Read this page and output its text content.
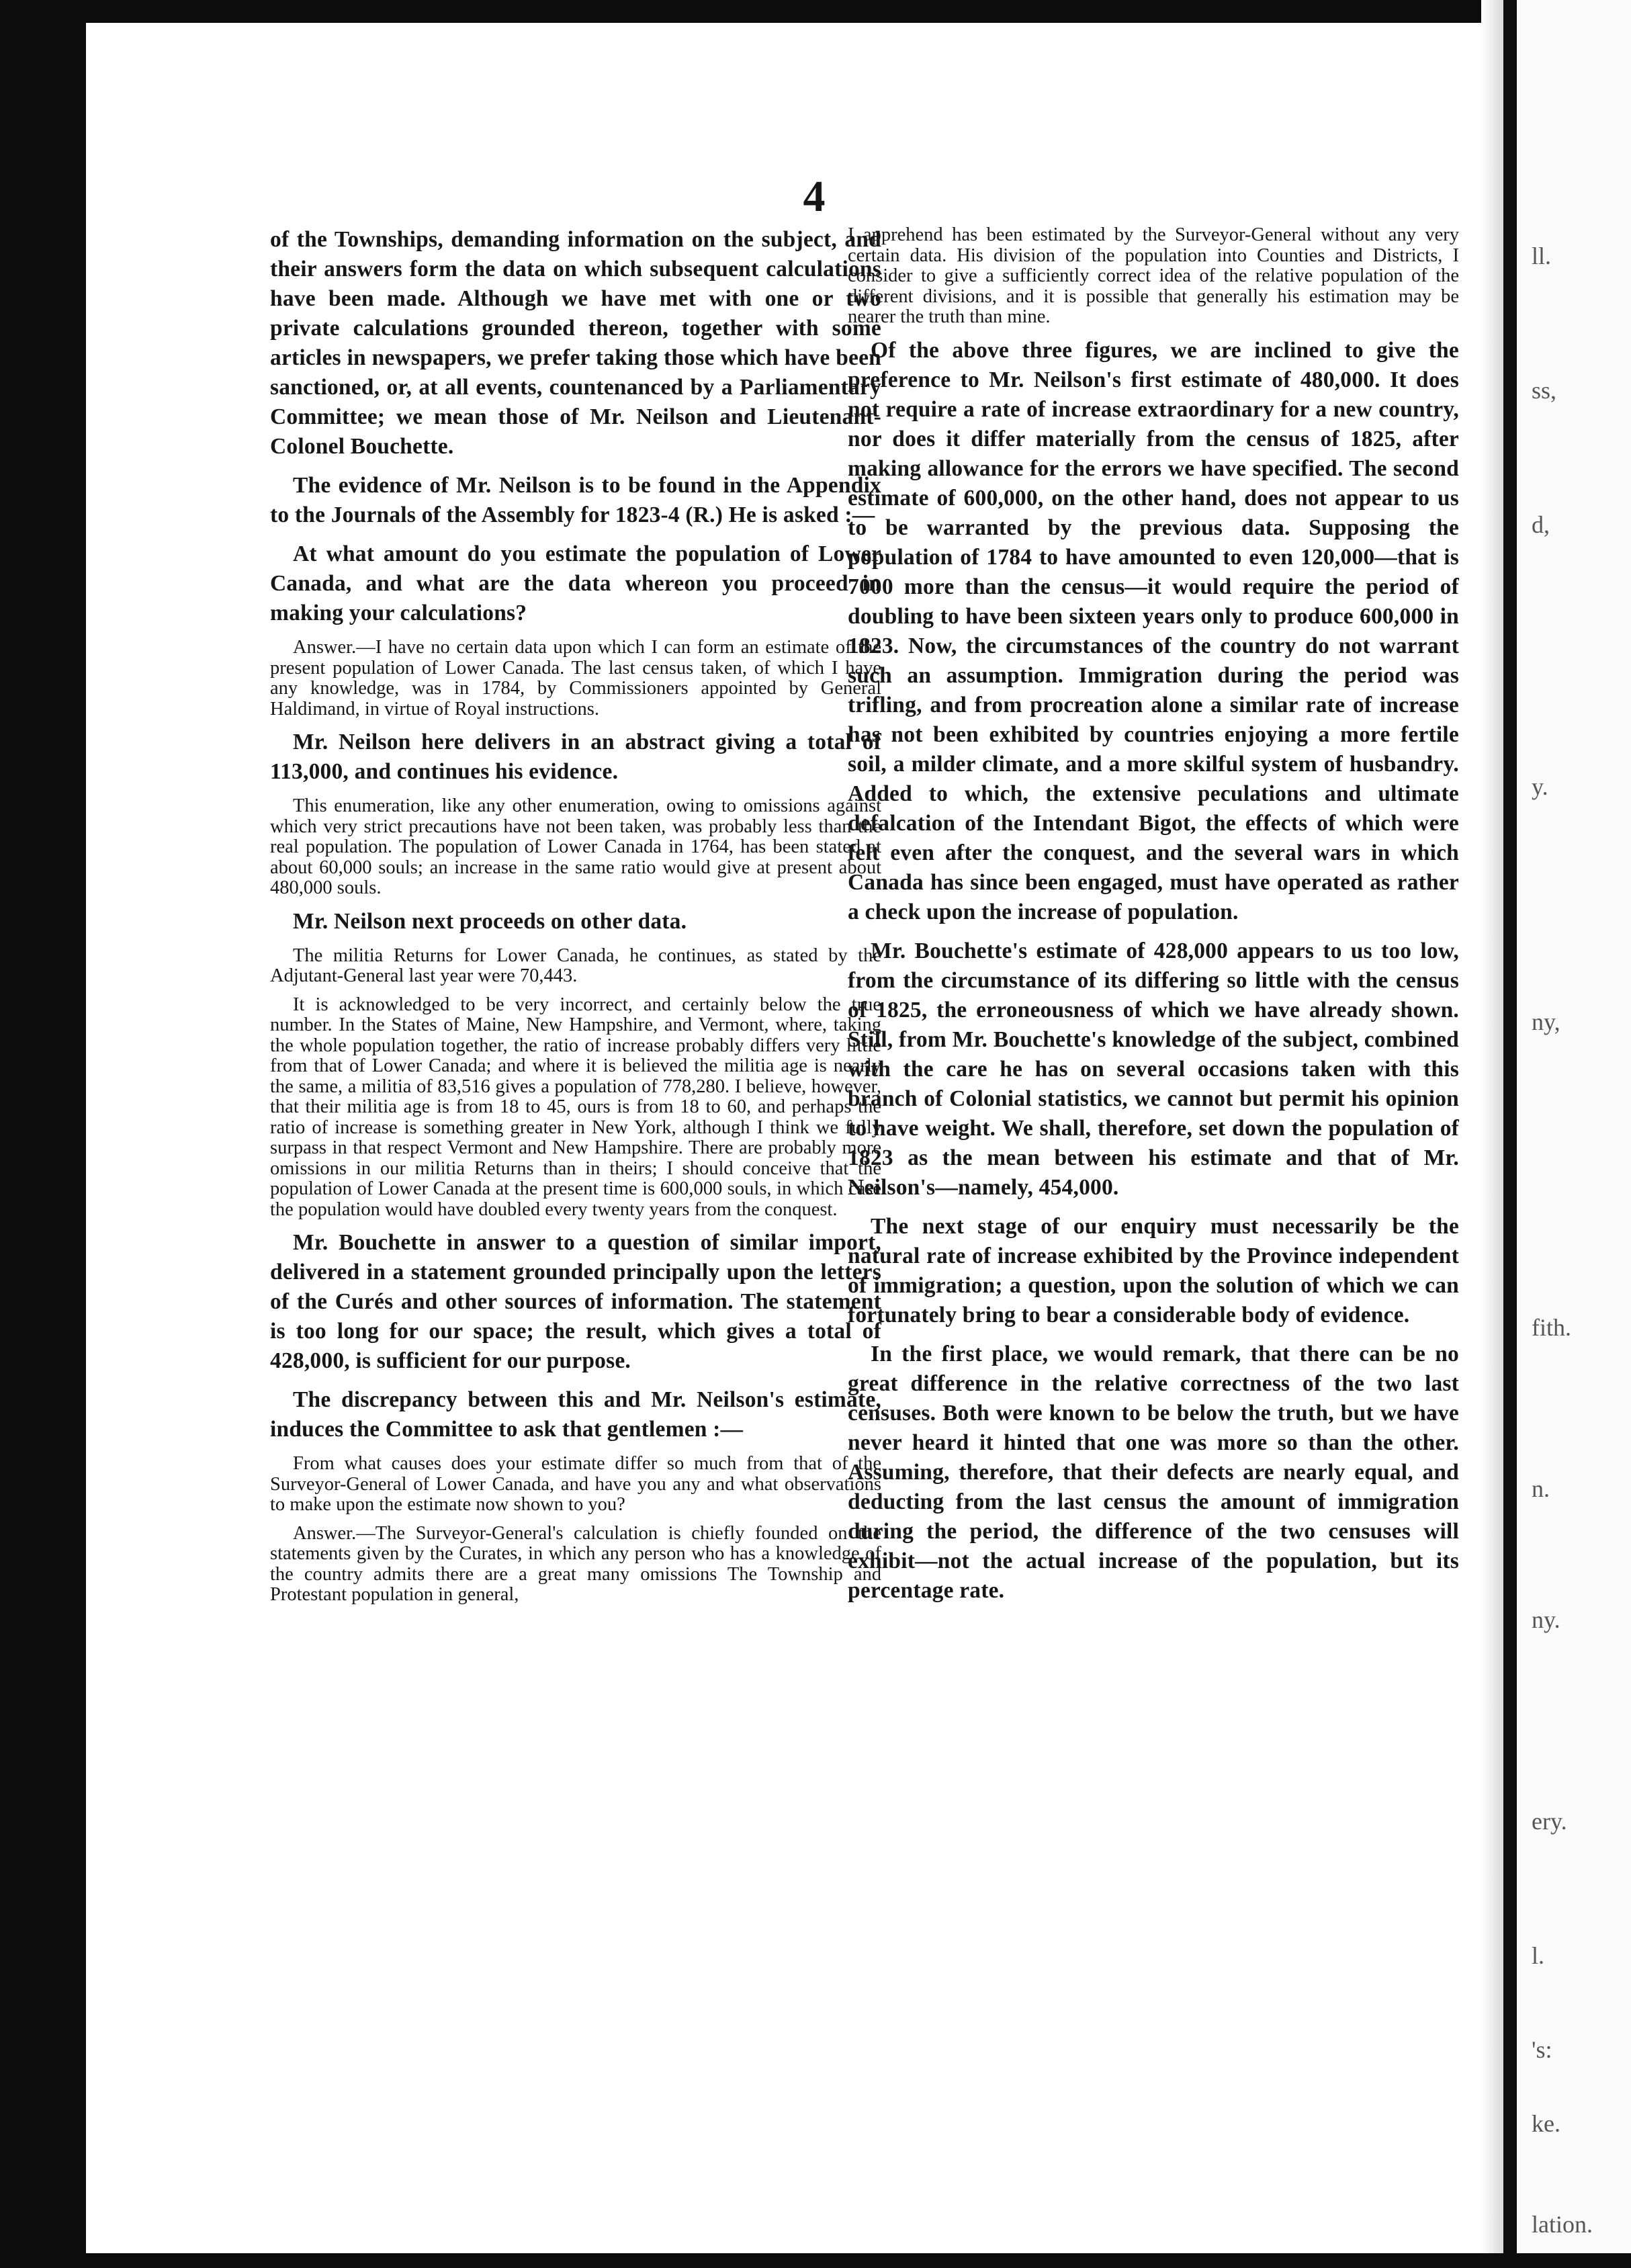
ll.
ss,
d,
y.
ny,
fith.
n.
ny.
ery.
l.
's:
ke.
lation.
4

of the Townships, demanding information on the subject, and their answers form the data on which subsequent calculations have been made. Although we have met with one or two private calculations grounded thereon, together with some articles in newspapers, we prefer taking those which have been sanctioned, or, at all events, countenanced by a Parliamentary Committee; we mean those of Mr. Neilson and Lieutenant-Colonel Bouchette.

The evidence of Mr. Neilson is to be found in the Appendix to the Journals of the Assembly for 1823-4 (R.) He is asked :—

At what amount do you estimate the population of Lower Canada, and what are the data whereon you proceed in making your calculations?

Answer.—I have no certain data upon which I can form an estimate of the present population of Lower Canada. The last census taken, of which I have any knowledge, was in 1784, by Commissioners appointed by General Haldimand, in virtue of Royal instructions.

Mr. Neilson here delivers in an abstract giving a total of 113,000, and continues his evidence.

This enumeration, like any other enumeration, owing to omissions against which very strict precautions have not been taken, was probably less than the real population. The population of Lower Canada in 1764, has been stated at about 60,000 souls; an increase in the same ratio would give at present about 480,000 souls.

Mr. Neilson next proceeds on other data.

The militia Returns for Lower Canada, he continues, as stated by the Adjutant-General last year were 70,443.

It is acknowledged to be very incorrect, and certainly below the true number. In the States of Maine, New Hampshire, and Vermont, where, taking the whole population together, the ratio of increase probably differs very little from that of Lower Canada; and where it is believed the militia age is nearly the same, a militia of 83,516 gives a population of 778,280. I believe, however, that their militia age is from 18 to 45, ours is from 18 to 60, and perhaps the ratio of increase is something greater in New York, although I think we fully surpass in that respect Vermont and New Hampshire. There are probably more omissions in our militia Returns than in theirs; I should conceive that the population of Lower Canada at the present time is 600,000 souls, in which case the population would have doubled every twenty years from the conquest.

Mr. Bouchette in answer to a question of similar import, delivered in a statement grounded principally upon the letters of the Curés and other sources of information. The statement is too long for our space; the result, which gives a total of 428,000, is sufficient for our purpose.

The discrepancy between this and Mr. Neilson's estimate, induces the Committee to ask that gentlemen :—

From what causes does your estimate differ so much from that of the Surveyor-General of Lower Canada, and have you any and what observations to make upon the estimate now shown to you?

Answer.—The Surveyor-General's calculation is chiefly founded on the statements given by the Curates, in which any person who has a knowledge of the country admits there are a great many omissions The Township and Protestant population in general,

I apprehend has been estimated by the Surveyor-General without any very certain data. His division of the population into Counties and Districts, I consider to give a sufficiently correct idea of the relative population of the different divisions, and it is possible that generally his estimation may be nearer the truth than mine.

Of the above three figures, we are inclined to give the preference to Mr. Neilson's first estimate of 480,000. It does not require a rate of increase extraordinary for a new country, nor does it differ materially from the census of 1825, after making allowance for the errors we have specified. The second estimate of 600,000, on the other hand, does not appear to us to be warranted by the previous data. Supposing the population of 1784 to have amounted to even 120,000—that is 7000 more than the census—it would require the period of doubling to have been sixteen years only to produce 600,000 in 1823. Now, the circumstances of the country do not warrant such an assumption. Immigration during the period was trifling, and from procreation alone a similar rate of increase has not been exhibited by countries enjoying a more fertile soil, a milder climate, and a more skilful system of husbandry. Added to which, the extensive peculations and ultimate defalcation of the Intendant Bigot, the effects of which were felt even after the conquest, and the several wars in which Canada has since been engaged, must have operated as rather a check upon the increase of population.

Mr. Bouchette's estimate of 428,000 appears to us too low, from the circumstance of its differing so little with the census of 1825, the erroneousness of which we have already shown. Still, from Mr. Bouchette's knowledge of the subject, combined with the care he has on several occasions taken with this branch of Colonial statistics, we cannot but permit his opinion to have weight. We shall, therefore, set down the population of 1823 as the mean between his estimate and that of Mr. Neilson's—namely, 454,000.

The next stage of our enquiry must necessarily be the natural rate of increase exhibited by the Province independent of immigration; a question, upon the solution of which we can fortunately bring to bear a considerable body of evidence.

In the first place, we would remark, that there can be no great difference in the relative correctness of the two last censuses. Both were known to be below the truth, but we have never heard it hinted that one was more so than the other. Assuming, therefore, that their defects are nearly equal, and deducting from the last census the amount of immigration during the period, the difference of the two censuses will exhibit—not the actual increase of the population, but its percentage rate.
